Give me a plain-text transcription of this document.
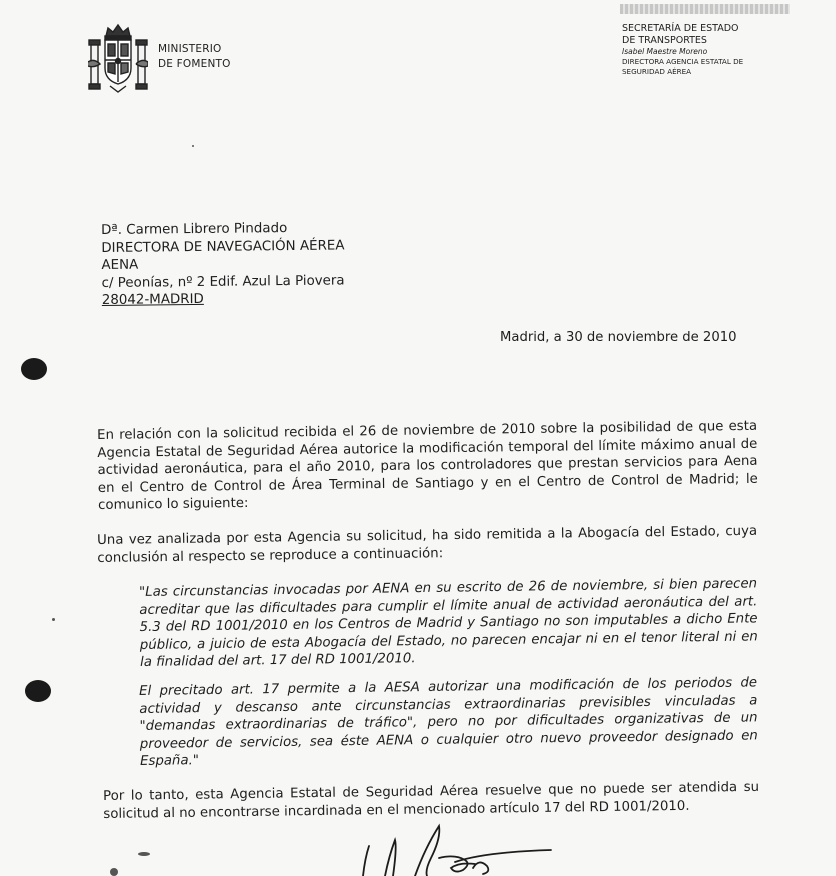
MINISTERIO
DE FOMENTO
SECRETARÍA DE ESTADO
DE TRANSPORTES
Isabel Maestre Moreno
DIRECTORA AGENCIA ESTATAL DE
SEGURIDAD AÉREA
Dª. Carmen Librero Pindado
DIRECTORA DE NAVEGACIÓN AÉREA
AENA
c/ Peonías, nº 2 Edif. Azul La Piovera
28042-MADRID
Madrid, a 30 de noviembre de 2010
En relación con la solicitud recibida el 26 de noviembre de 2010 sobre la posibilidad de que esta Agencia Estatal de Seguridad Aérea autorice la modificación temporal del límite máximo anual de actividad aeronáutica, para el año 2010, para los controladores que prestan servicios para Aena en el Centro de Control de Área Terminal de Santiago y en el Centro de Control de Madrid; le comunico lo siguiente:
Una vez analizada por esta Agencia su solicitud, ha sido remitida a la Abogacía del Estado, cuya conclusión al respecto se reproduce a continuación:
"Las circunstancias invocadas por AENA en su escrito de 26 de noviembre, si bien parecen acreditar que las dificultades para cumplir el límite anual de actividad aeronáutica del art. 5.3 del RD 1001/2010 en los Centros de Madrid y Santiago no son imputables a dicho Ente público, a juicio de esta Abogacía del Estado, no parecen encajar ni en el tenor literal ni en la finalidad del art. 17 del RD 1001/2010.
El precitado art. 17 permite a la AESA autorizar una modificación de los periodos de actividad y descanso ante circunstancias extraordinarias previsibles vinculadas a "demandas extraordinarias de tráfico", pero no por dificultades organizativas de un proveedor de servicios, sea éste AENA o cualquier otro nuevo proveedor designado en España."
Por lo tanto, esta Agencia Estatal de Seguridad Aérea resuelve que no puede ser atendida su solicitud al no encontrarse incardinada en el mencionado artículo 17 del RD 1001/2010.
